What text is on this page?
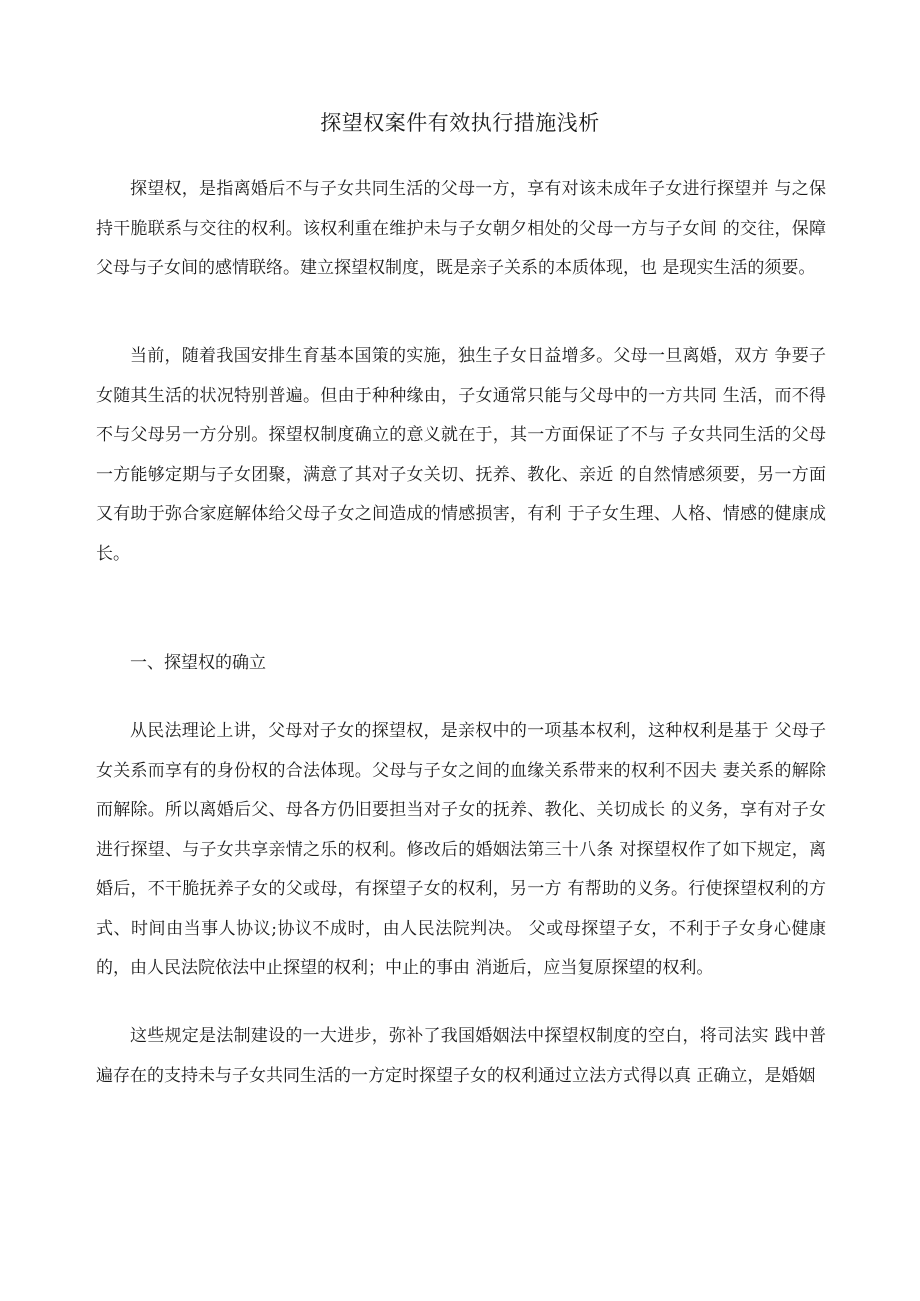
探望权案件有效执行措施浅析

探望权，是指离婚后不与子女共同生活的父母一方，享有对该未成年子女进行探望并 与之保持干脆联系与交往的权利。该权利重在维护未与子女朝夕相处的父母一方与子女间 的交往，保障父母与子女间的感情联络。建立探望权制度，既是亲子关系的本质体现，也 是现实生活的须要。

当前，随着我国安排生育基本国策的实施，独生子女日益增多。父母一旦离婚，双方 争要子女随其生活的状况特别普遍。但由于种种缘由，子女通常只能与父母中的一方共同 生活，而不得不与父母另一方分别。探望权制度确立的意义就在于，其一方面保证了不与 子女共同生活的父母一方能够定期与子女团聚，满意了其对子女关切、抚养、教化、亲近 的自然情感须要，另一方面又有助于弥合家庭解体给父母子女之间造成的情感损害，有利 于子女生理、人格、情感的健康成长。

一、探望权的确立

从民法理论上讲，父母对子女的探望权，是亲权中的一项基本权利，这种权利是基于 父母子女关系而享有的身份权的合法体现。父母与子女之间的血缘关系带来的权利不因夫 妻关系的解除而解除。所以离婚后父、母各方仍旧要担当对子女的抚养、教化、关切成长 的义务，享有对子女进行探望、与子女共享亲情之乐的权利。修改后的婚姻法第三十八条 对探望权作了如下规定，离婚后，不干脆抚养子女的父或母，有探望子女的权利，另一方 有帮助的义务。行使探望权利的方式、时间由当事人协议;协议不成时，由人民法院判决。 父或母探望子女，不利于子女身心健康的，由人民法院依法中止探望的权利；中止的事由 消逝后，应当复原探望的权利。

这些规定是法制建设的一大进步，弥补了我国婚姻法中探望权制度的空白，将司法实 践中普遍存在的支持未与子女共同生活的一方定时探望子女的权利通过立法方式得以真 正确立，是婚姻
